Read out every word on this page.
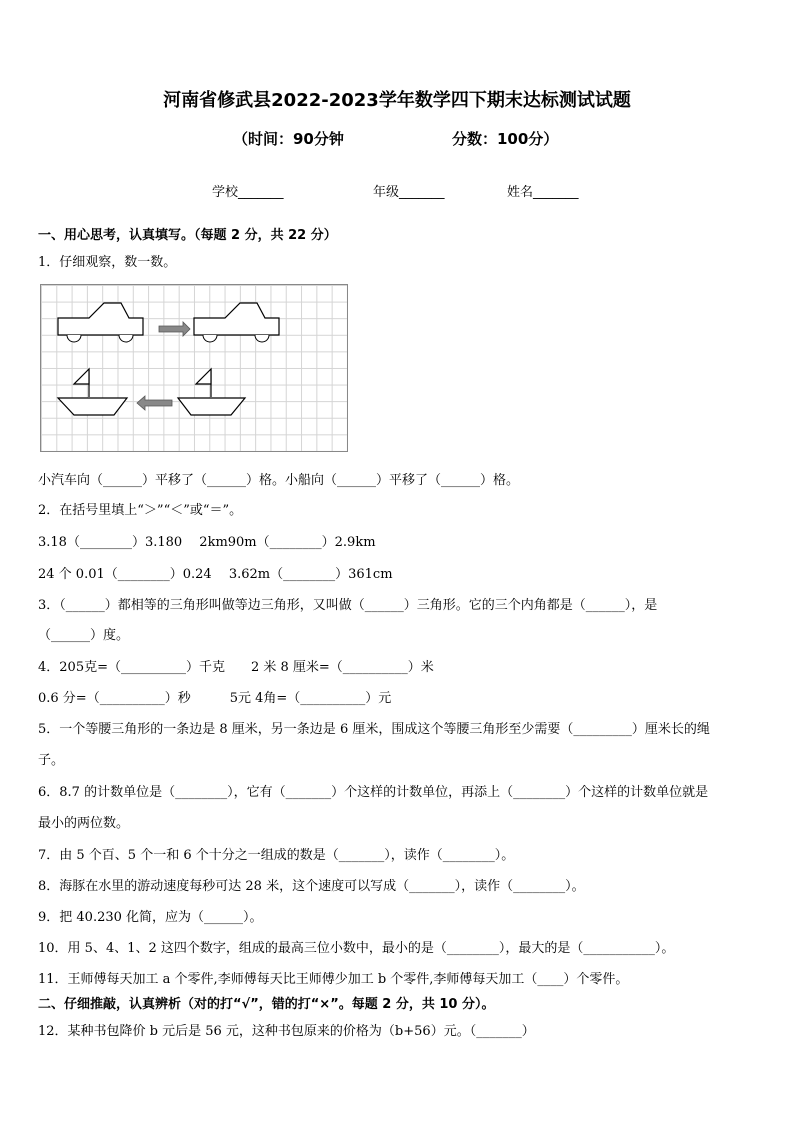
河南省修武县2022-2023学年数学四下期末达标测试试题
（时间：90分钟	分数：100分）
学校_______	年级_______	姓名_______
一、用心思考，认真填写。（每题 2 分，共 22 分）
1．仔细观察，数一数。
小汽车向（______）平移了（______）格。小船向（______）平移了（______）格。
2．在括号里填上“＞”“＜”或“＝”。
3.18（________）3.180　 2km90m（________）2.9km
24 个 0.01（________）0.24　 3.62m（________）361cm
3．（______）都相等的三角形叫做等边三角形，又叫做（______）三角形。它的三个内角都是（______），是
（______）度。
4．205克=（__________）千克　　2 米 8 厘米=（__________）米
0.6 分=（__________）秒　　　5元 4角=（__________）元
5．一个等腰三角形的一条边是 8 厘米，另一条边是 6 厘米，围成这个等腰三角形至少需要（_________）厘米长的绳
子。
6．8.7 的计数单位是（________），它有（_______）个这样的计数单位，再添上（________）个这样的计数单位就是
最小的两位数。
7．由 5 个百、5 个一和 6 个十分之一组成的数是（_______），读作（________）。
8．海豚在水里的游动速度每秒可达 28 米，这个速度可以写成（_______），读作（________）。
9．把 40.230 化简，应为（______）。
10．用 5、4、1、2 这四个数字，组成的最高三位小数中，最小的是（________），最大的是（___________）。
11．王师傅每天加工 a 个零件,李师傅每天比王师傅少加工 b 个零件,李师傅每天加工（____）个零件。
二、仔细推敲，认真辨析（对的打“√”，错的打“×”。每题 2 分，共 10 分）。
12．某种书包降价 b 元后是 56 元，这种书包原来的价格为（b+56）元。（_______）
